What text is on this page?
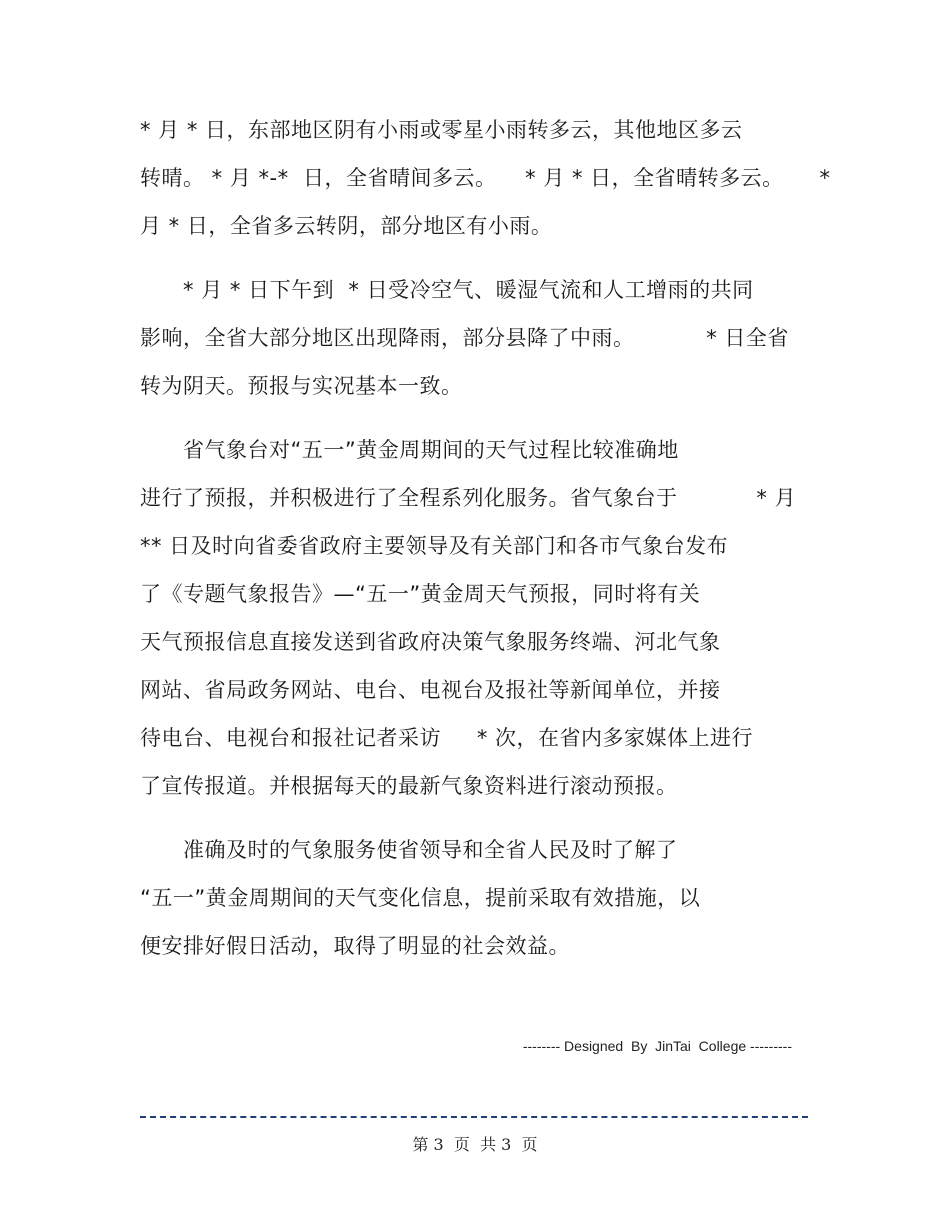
* 月 * 日，东部地区阴有小雨或零星小雨转多云，其他地区多云
转晴。 * 月 *-*  日，全省晴间多云。    * 月 * 日，全省晴转多云。     *
月 * 日，全省多云转阴，部分地区有小雨。
* 月 * 日下午到  * 日受冷空气、暖湿气流和人工增雨的共同
影响，全省大部分地区出现降雨，部分县降了中雨。          * 日全省
转为阴天。预报与实况基本一致。
省气象台对“五一”黄金周期间的天气过程比较准确地
进行了预报，并积极进行了全程系列化服务。省气象台于           * 月
** 日及时向省委省政府主要领导及有关部门和各市气象台发布
了《专题气象报告》—“五一”黄金周天气预报，同时将有关
天气预报信息直接发送到省政府决策气象服务终端、河北气象
网站、省局政务网站、电台、电视台及报社等新闻单位，并接
待电台、电视台和报社记者采访     * 次，在省内多家媒体上进行
了宣传报道。并根据每天的最新气象资料进行滚动预报。
准确及时的气象服务使省领导和全省人民及时了解了
“五一”黄金周期间的天气变化信息，提前采取有效措施，以
便安排好假日活动，取得了明显的社会效益。
-------- Designed  By  JinTai  College ---------
第 3  页  共 3  页
